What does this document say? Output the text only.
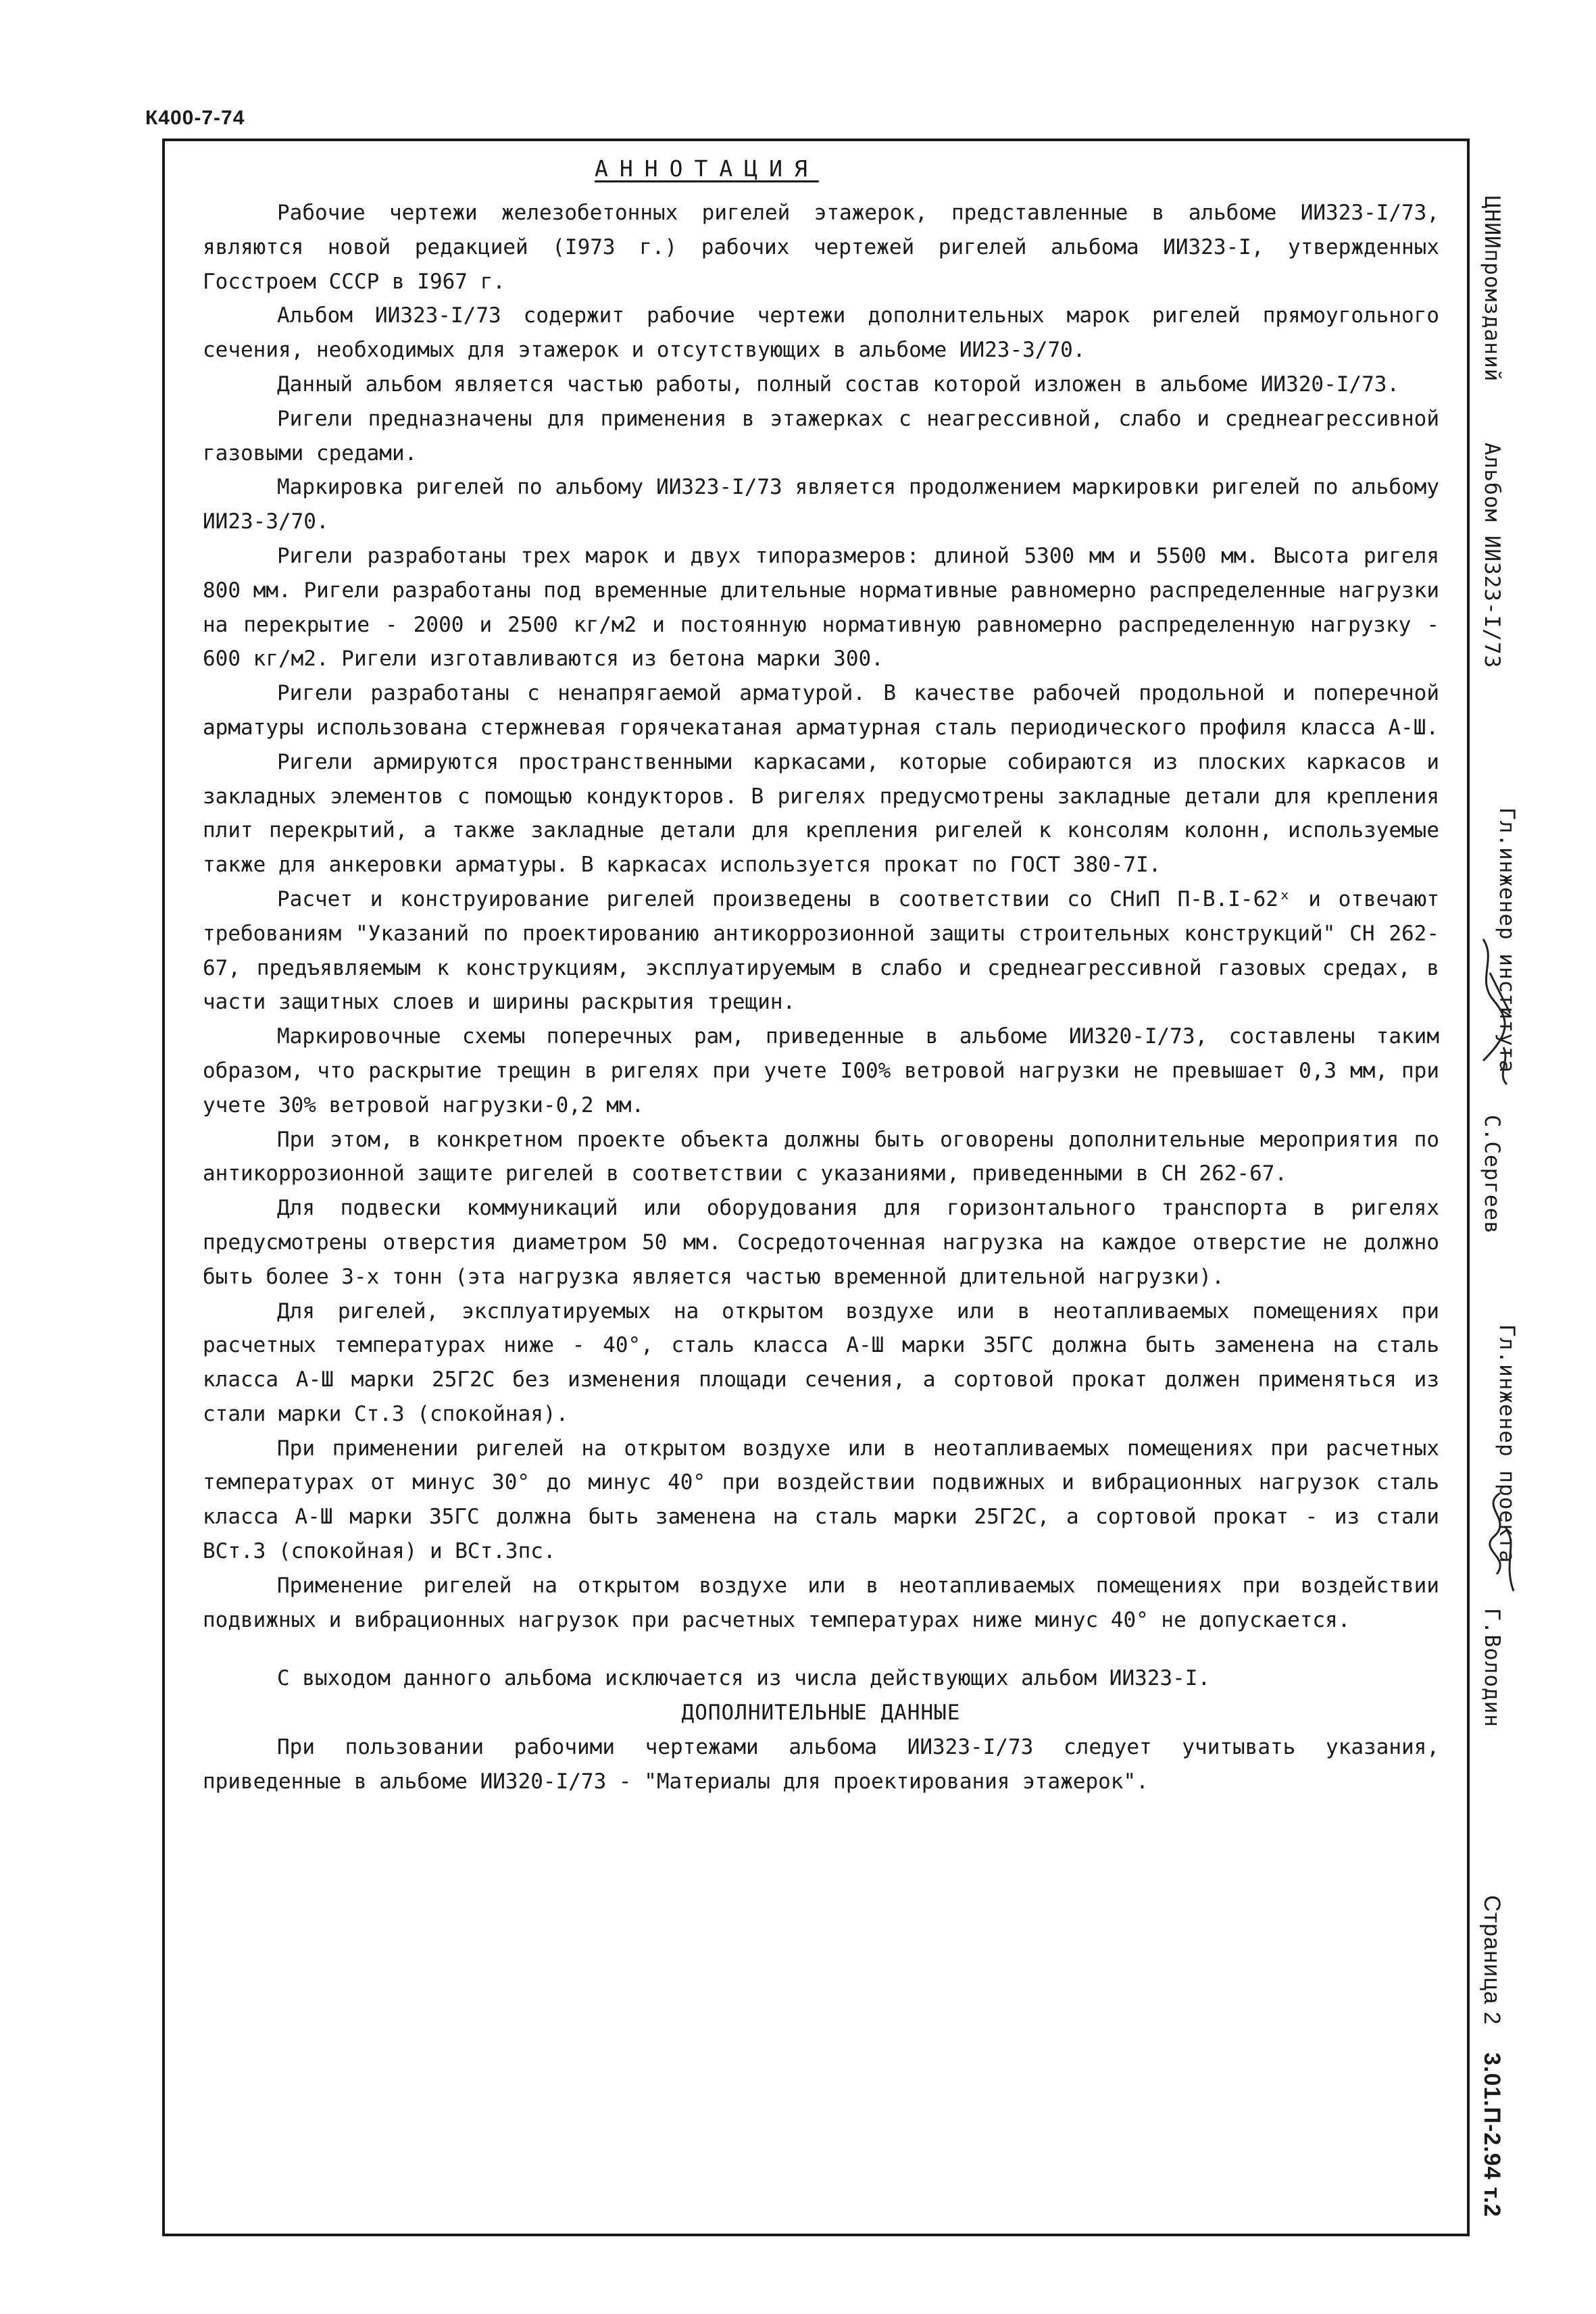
К400-7-74
АННОТАЦИЯ

Рабочие чертежи железобетонных ригелей этажерок, представленные в альбоме ИИ323-I/73, являются новой редакцией (I973 г.) рабочих чертежей ригелей альбома ИИ323-I, утвержденных Госстроем СССР в I967 г.

Альбом ИИ323-I/73 содержит рабочие чертежи дополнительных марок ригелей прямоугольного сечения, необходимых для этажерок и отсутствующих в альбоме ИИ23-3/70.

Данный альбом является частью работы, полный состав которой изложен в альбоме ИИ320-I/73.

Ригели предназначены для применения в этажерках с неагрессивной, слабо и среднеагрессивной газовыми средами.

Маркировка ригелей по альбому ИИ323-I/73 является продолжением маркировки ригелей по альбому ИИ23-3/70.

Ригели разработаны трех марок и двух типоразмеров: длиной 5300 мм и 5500 мм. Высота ригеля 800 мм. Ригели разработаны под временные длительные нормативные равномерно распределенные нагрузки на перекрытие - 2000 и 2500 кг/м2 и постоянную нормативную равномерно распределенную нагрузку - 600 кг/м2. Ригели изготавливаются из бетона марки 300.

Ригели разработаны с ненапрягаемой арматурой. В качестве рабочей продольной и поперечной арматуры использована стержневая горячекатаная арматурная сталь периодического профиля класса А-Ш.

Ригели армируются пространственными каркасами, которые собираются из плоских каркасов и закладных элементов с помощью кондукторов. В ригелях предусмотрены закладные детали для крепления плит перекрытий, а также закладные детали для крепления ригелей к консолям колонн, используемые также для анкеровки арматуры. В каркасах используется прокат по ГОСТ 380-7I.

Расчет и конструирование ригелей произведены в соответствии со СНиП П-В.I-62ˣ и отвечают требованиям "Указаний по проектированию антикоррозионной защиты строительных конструкций" СН 262-67, предъявляемым к конструкциям, эксплуатируемым в слабо и среднеагрессивной газовых средах, в части защитных слоев и ширины раскрытия трещин.

Маркировочные схемы поперечных рам, приведенные в альбоме ИИ320-I/73, составлены таким образом, что раскрытие трещин в ригелях при учете I00% ветровой нагрузки не превышает 0,3 мм, при учете 30% ветровой нагрузки-0,2 мм.

При этом, в конкретном проекте объекта должны быть оговорены дополнительные мероприятия по антикоррозионной защите ригелей в соответствии с указаниями, приведенными в СН 262-67.

Для подвески коммуникаций или оборудования для горизонтального транспорта в ригелях предусмотрены отверстия диаметром 50 мм. Сосредоточенная нагрузка на каждое отверстие не должно быть более 3-х тонн (эта нагрузка является частью временной длительной нагрузки).

Для ригелей, эксплуатируемых на открытом воздухе или в неотапливаемых помещениях при расчетных температурах ниже - 40°, сталь класса А-Ш марки 35ГС должна быть заменена на сталь класса А-Ш марки 25Г2С без изменения площади сечения, а сортовой прокат должен применяться из стали марки Ст.3 (спокойная).

При применении ригелей на открытом воздухе или в неотапливаемых помещениях при расчетных температурах от минус 30° до минус 40° при воздействии подвижных и вибрационных нагрузок сталь класса А-Ш марки 35ГС должна быть заменена на сталь марки 25Г2С, а сортовой прокат - из стали ВСт.3 (спокойная) и ВСт.3пс.

Применение ригелей на открытом воздухе или в неотапливаемых помещениях при воздействии подвижных и вибрационных нагрузок при расчетных температурах ниже минус 40° не допускается.

С выходом данного альбома исключается из числа действующих альбом ИИ323-I.

ДОПОЛНИТЕЛЬНЫЕ ДАННЫЕ

При пользовании рабочими чертежами альбома ИИ323-I/73 следует учитывать указания, приведенные в альбоме ИИ320-I/73 - "Материалы для проектирования этажерок".

ЦНИИпромзданий
Альбом ИИ323-I/73
Гл.инженер института
С.Сергеев
Гл.инженер проекта
Г.Володин
Страница 2 3.01.П-2.94 т.2
